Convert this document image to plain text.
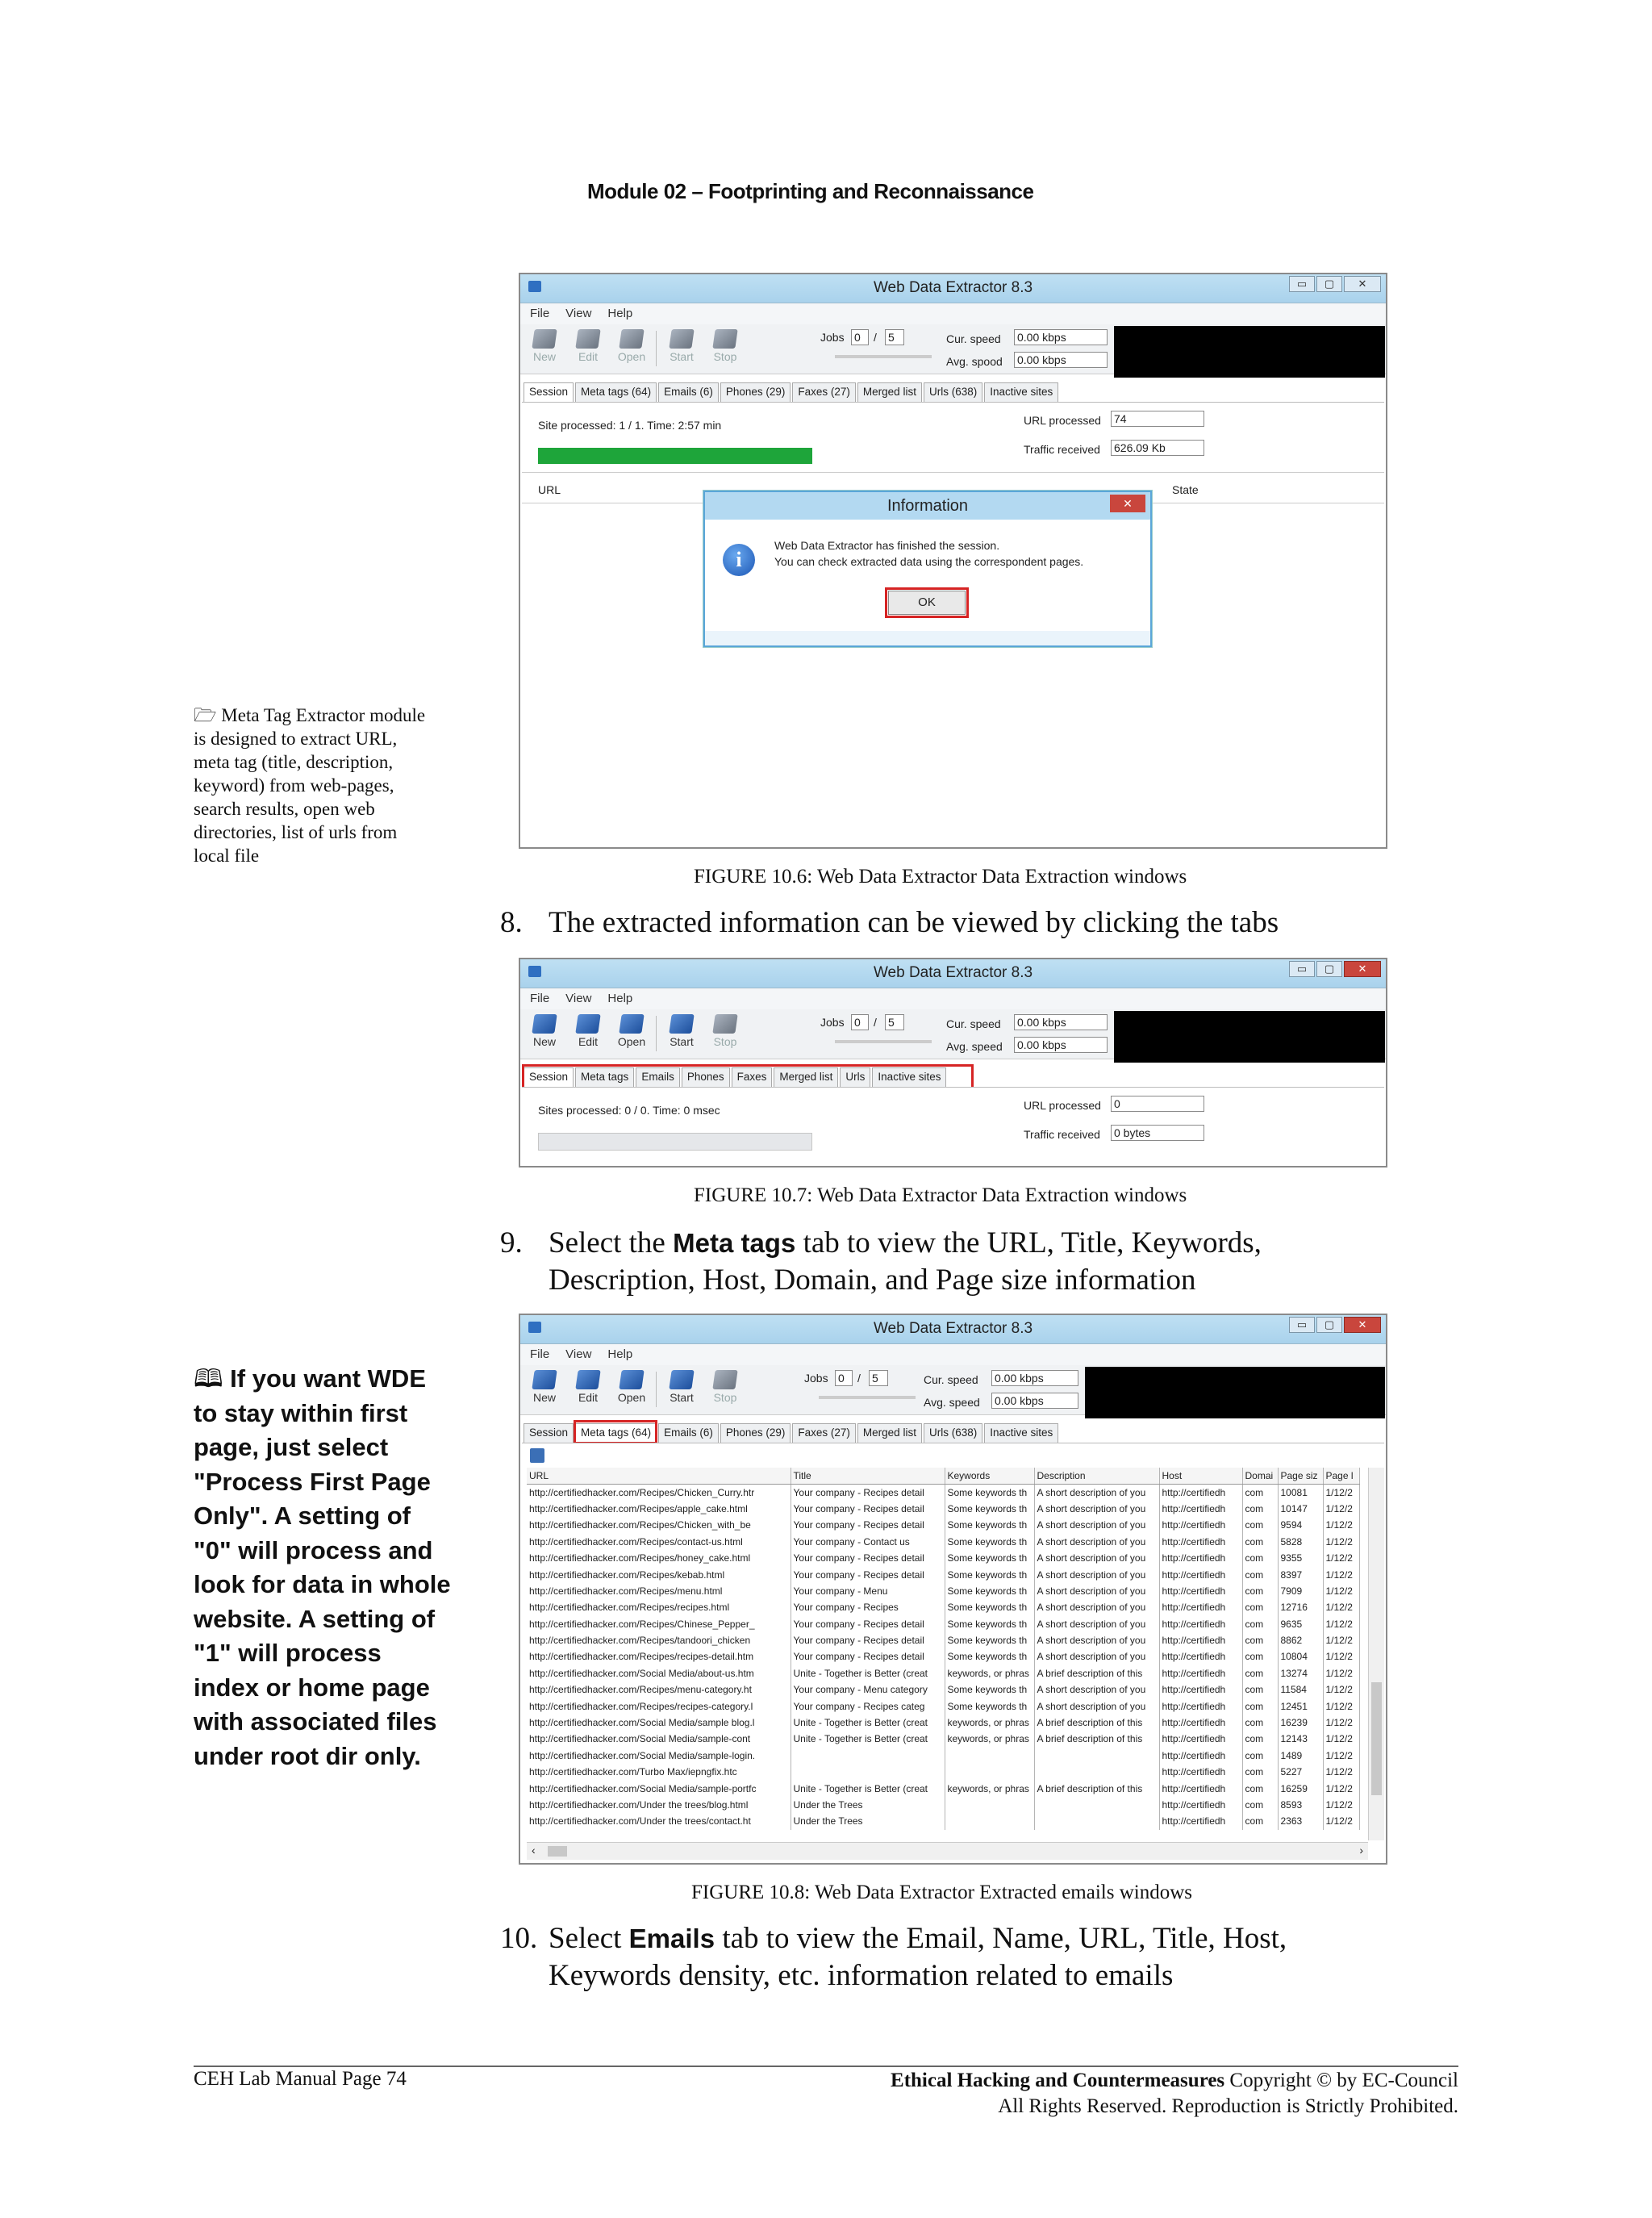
Module 02 – Footprinting and Reconnaissance
🗁 Meta Tag Extractor module is designed to extract URL, meta tag (title, description, keyword) from web-pages, search results, open web directories, list of urls from local file
🕮 If you want WDE to stay within first page, just select "Process First Page Only". A setting of "0" will process and look for data in whole website. A setting of "1" will process index or home page with associated files under root dir only.
Web Data Extractor 8.3	▭	▢	✕
File View Help
New	Edit	Open	Start	Stop
Jobs 0	/ 5	Cur. speed 0.00 kbps
Avg. spood 0.00 kbps
Session	Meta tags (64)	Emails (6)	Phones (29)	Faxes (27)	Merged list	Urls (638)	Inactive sites
Site processed: 1 / 1. Time: 2:57 min	URL processed 74
Traffic received 626.09 Kb
URL	State
Information	✕
i
Web Data Extractor has finished the session.
You can check extracted data using the correspondent pages.
OK
FIGURE 10.6: Web Data Extractor Data Extraction windows
8. The extracted information can be viewed by clicking the tabs
Web Data Extractor 8.3	▭	▢	✕
File View Help
New	Edit	Open	Start	Stop
Jobs 0	/ 5	Cur. speed 0.00 kbps
Avg. speed 0.00 kbps
Session	Meta tags	Emails	Phones	Faxes	Merged list	Urls	Inactive sites
Sites processed: 0 / 0. Time: 0 msec	URL processed 0
Traffic received 0 bytes
FIGURE 10.7: Web Data Extractor Data Extraction windows
9. Select the Meta tags tab to view the URL, Title, Keywords,
Description, Host, Domain, and Page size information
Web Data Extractor 8.3	▭	▢	✕
File View Help
New	Edit	Open	Start	Stop
Jobs 0	/ 5	Cur. speed 0.00 kbps
Avg. speed 0.00 kbps
Session	Meta tags (64)	Emails (6)	Phones (29)	Faxes (27)	Merged list	Urls (638)	Inactive sites
URL	Title	Keywords	Description	Host	Domai	Page siz	Page l
http://certifiedhacker.com/Recipes/Chicken_Curry.htr	Your company - Recipes detail	Some keywords th	A short description of you	http://certifiedh	com	10081	1/12/2
http://certifiedhacker.com/Recipes/apple_cake.html	Your company - Recipes detail	Some keywords th	A short description of you	http://certifiedh	com	10147	1/12/2
http://certifiedhacker.com/Recipes/Chicken_with_be	Your company - Recipes detail	Some keywords th	A short description of you	http://certifiedh	com	9594	1/12/2
http://certifiedhacker.com/Recipes/contact-us.html	Your company - Contact us	Some keywords th	A short description of you	http://certifiedh	com	5828	1/12/2
http://certifiedhacker.com/Recipes/honey_cake.html	Your company - Recipes detail	Some keywords th	A short description of you	http://certifiedh	com	9355	1/12/2
http://certifiedhacker.com/Recipes/kebab.html	Your company - Recipes detail	Some keywords th	A short description of you	http://certifiedh	com	8397	1/12/2
http://certifiedhacker.com/Recipes/menu.html	Your company - Menu	Some keywords th	A short description of you	http://certifiedh	com	7909	1/12/2
http://certifiedhacker.com/Recipes/recipes.html	Your company - Recipes	Some keywords th	A short description of you	http://certifiedh	com	12716	1/12/2
http://certifiedhacker.com/Recipes/Chinese_Pepper_	Your company - Recipes detail	Some keywords th	A short description of you	http://certifiedh	com	9635	1/12/2
http://certifiedhacker.com/Recipes/tandoori_chicken	Your company - Recipes detail	Some keywords th	A short description of you	http://certifiedh	com	8862	1/12/2
http://certifiedhacker.com/Recipes/recipes-detail.htm	Your company - Recipes detail	Some keywords th	A short description of you	http://certifiedh	com	10804	1/12/2
http://certifiedhacker.com/Social Media/about-us.htm	Unite - Together is Better (creat	keywords, or phras	A brief description of this	http://certifiedh	com	13274	1/12/2
http://certifiedhacker.com/Recipes/menu-category.ht	Your company - Menu category	Some keywords th	A short description of you	http://certifiedh	com	11584	1/12/2
http://certifiedhacker.com/Recipes/recipes-category.l	Your company - Recipes categ	Some keywords th	A short description of you	http://certifiedh	com	12451	1/12/2
http://certifiedhacker.com/Social Media/sample blog.l	Unite - Together is Better (creat	keywords, or phras	A brief description of this	http://certifiedh	com	16239	1/12/2
http://certifiedhacker.com/Social Media/sample-cont	Unite - Together is Better (creat	keywords, or phras	A brief description of this	http://certifiedh	com	12143	1/12/2
http://certifiedhacker.com/Social Media/sample-login.				http://certifiedh	com	1489	1/12/2
http://certifiedhacker.com/Turbo Max/iepngfix.htc				http://certifiedh	com	5227	1/12/2
http://certifiedhacker.com/Social Media/sample-portfc	Unite - Together is Better (creat	keywords, or phras	A brief description of this	http://certifiedh	com	16259	1/12/2
http://certifiedhacker.com/Under the trees/blog.html	Under the Trees			http://certifiedh	com	8593	1/12/2
http://certifiedhacker.com/Under the trees/contact.ht	Under the Trees			http://certifiedh	com	2363	1/12/2
‹	›
FIGURE 10.8: Web Data Extractor Extracted emails windows
10. Select Emails tab to view the Email, Name, URL, Title, Host,
Keywords density, etc. information related to emails
CEH Lab Manual Page 74	Ethical Hacking and Countermeasures Copyright © by EC-Council
All Rights Reserved. Reproduction is Strictly Prohibited.
